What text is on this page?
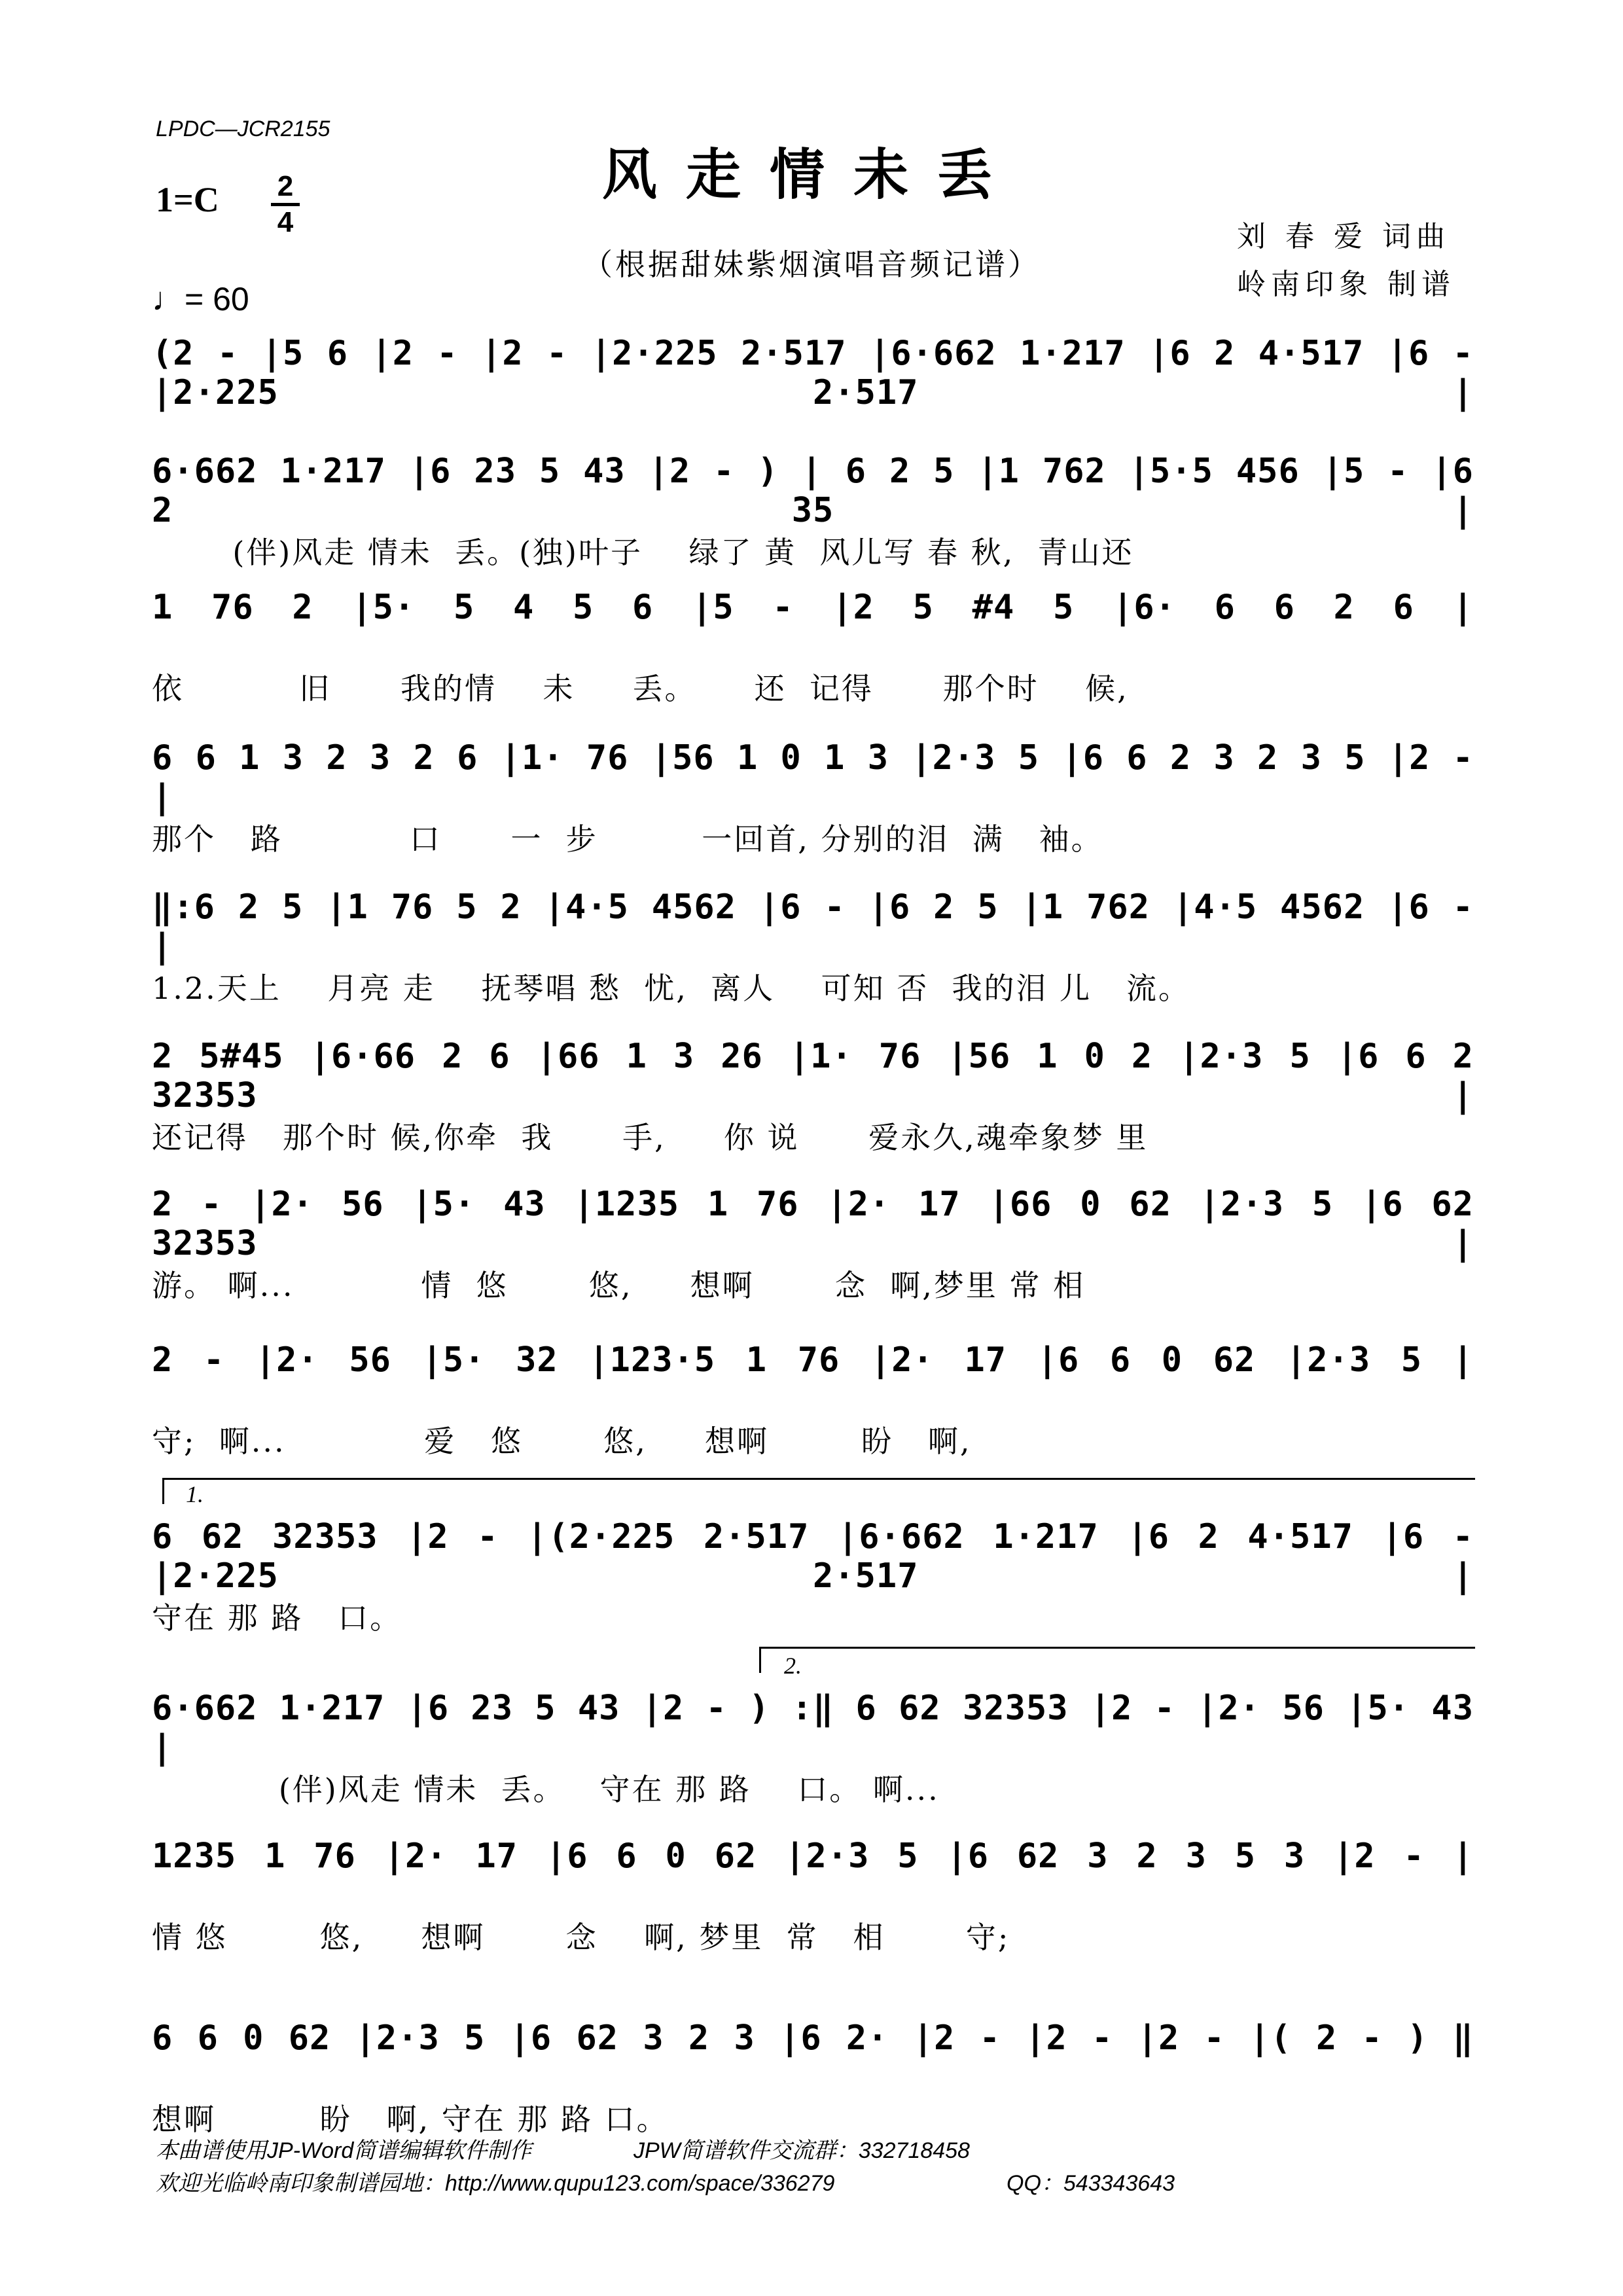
LPDC—JCR2155
风走情未丢
1=C	2
4
（根据甜妹紫烟演唱音频记谱）
刘 春 爱 词曲
岭南印象 制谱
♩= 60
(2 - |5 6 |2 - |2 - |2·225 2·517 |6·662 1·217 |6 2 4·517 |6 - |2·225 2·517 |
6·662 1·217 |6 23 5 43 |2 - ) | 6 2 5 |1 762 |5·5 456 |5 - |6 2 35 |
(伴)风走 情未  丢。(独)叶子    绿了 黄  风儿写 春 秋,  青山还
1 76 2 |5· 5 4 5 6 |5 - |2 5 #4 5 |6· 6 6 2 6 |
依          旧      我的情    未     丢。     还  记得      那个时    候,
6 6 1 3 2 3 2 6 |1· 76 |56 1 0 1 3 |2·3 5 |6 6 2 3 2 3 5 |2 - |
那个   路           口      一  步         一回首, 分别的泪  满   袖。
‖:6 2 5 |1 76 5 2 |4·5 4562 |6 - |6 2 5 |1 762 |4·5 4562 |6 - |
1.2.天上    月亮 走    抚琴唱 愁  忧,  离人    可知 否  我的泪 儿   流。
2 5#45 |6·66 2 6 |66 1 3 26 |1· 76 |56 1 0 2 |2·3 5 |6 6 2 32353 |
还记得   那个时 候,你牵  我      手,     你 说      爱永久,魂牵象梦 里
2 - |2· 56 |5· 43 |1235 1 76 |2· 17 |66 0 62 |2·3 5 |6 62 32353 |
游。 啊...           情  悠       悠,     想啊       念  啊,梦里 常 相
2 - |2· 56 |5· 32 |123·5 1 76 |2· 17 |6 6 0 62 |2·3 5 |
守;  啊...            爱   悠       悠,     想啊        盼   啊,
6 62 32353 |2 - |(2·225 2·517 |6·662 1·217 |6 2 4·517 |6 - |2·225 2·517 |
守在 那 路   口。
6·662 1·217 |6 23 5 43 |2 - ) :‖ 6 62 32353 |2 - |2· 56 |5· 43 |
(伴)风走 情未  丢。   守在 那 路    口。 啊...
1235 1 76 |2· 17 |6 6 0 62 |2·3 5 |6 62 3 2 3 5 3 |2 - |
情 悠        悠,     想啊       念    啊, 梦里  常   相       守;
6 6 0 62 |2·3 5 |6 62 3 2 3 |6 2· |2 - |2 - |2 - |( 2 - ) ‖
想啊         盼   啊, 守在 那 路 口。
1.
2.
本曲谱使用JP-Word简谱编辑软件制作	JPW简谱软件交流群：332718458
欢迎光临岭南印象制谱园地：http://www.qupu123.com/space/336279	QQ：543343643
